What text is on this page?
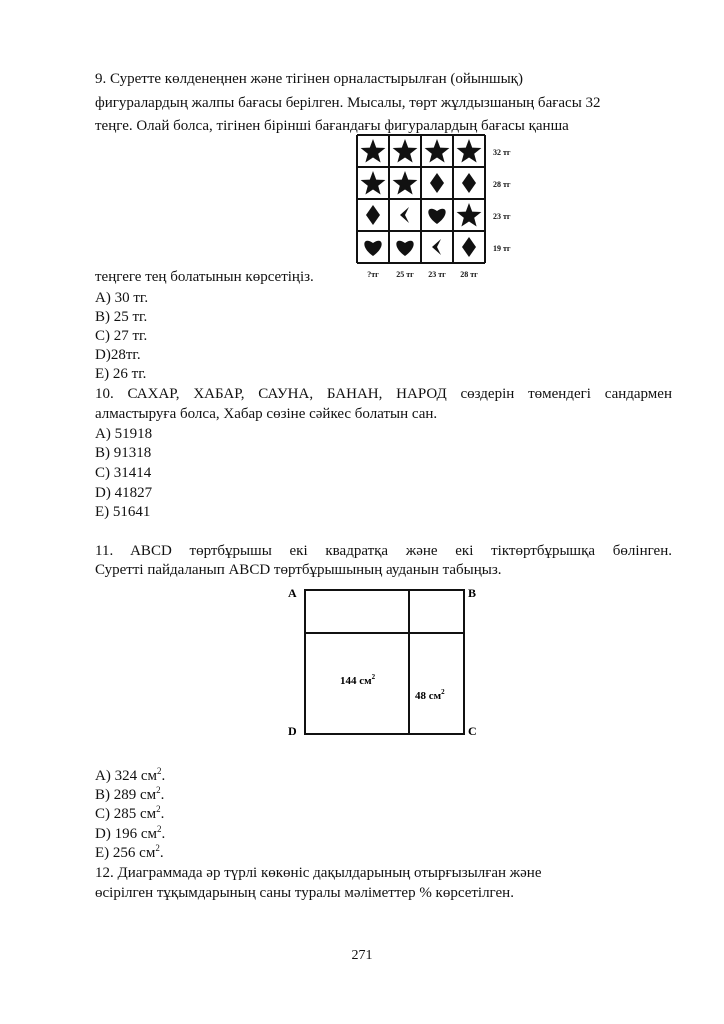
9. Суретте көлденеңнен және тігінен орналастырылған (ойыншық)
фигуралардың жалпы бағасы берілген. Мысалы, төрт жұлдызшаның бағасы 32
теңге. Олай болса, тігінен бірінші бағандағы фигуралардың бағасы қанша
32 тг
28 тг
23 тг
19 тг
?тг 25 тг 23 тг 28 тг
теңгеге тең болатынын көрсетіңіз.
А) 30 тг.
В) 25 тг.
С) 27 тг.
D)28тг.
Е) 26 тг.
10. САХАР, ХАБАР, САУНА, БАНАН, НАРОД сөздерін төмендегі сандармен
алмастыруға болса, Хабар сөзіне сәйкес болатын сан.
А) 51918
В) 91318
С) 31414
D) 41827
Е) 51641
11. ABCD төртбұрышы екі квадратқа және екі тіктөртбұрышқа бөлінген.
Суретті пайдаланып ABCD төртбұрышының ауданын табыңыз.
A	B
D	C
144 $см^2$
48 $см^2$
А) 324 $см^2$.
В) 289 $см^2$.
С) 285 $см^2$.
D) 196 $см^2$.
Е) 256 $см^2$.
12. Диаграммада әр түрлі көкөніс дақылдарының отырғызылған және
өсірілген тұқымдарының саны туралы мәліметтер % көрсетілген.
271
